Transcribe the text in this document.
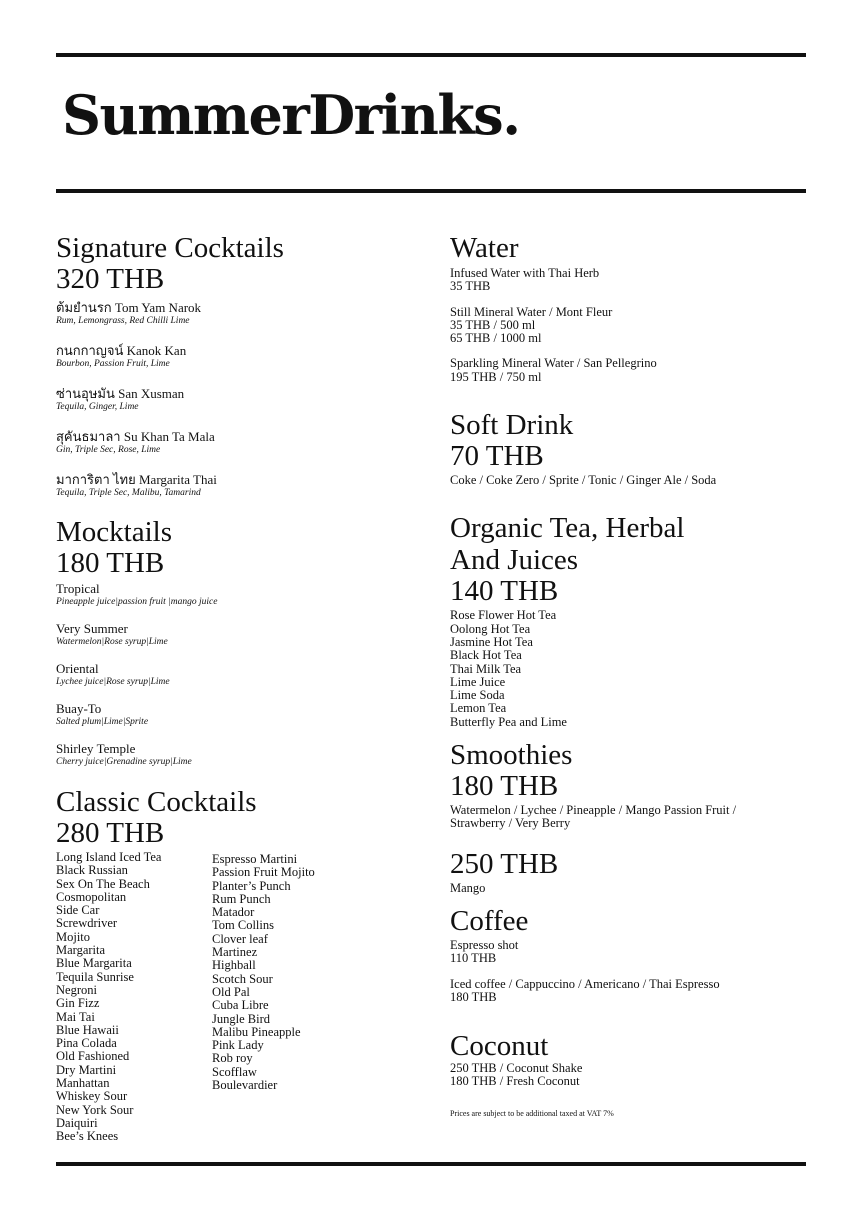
SummerDrinks.
Signature Cocktails
320 THB
ต้มยำนรก Tom Yam Narok
Rum, Lemongrass, Red Chilli Lime
กนกกาญจน์ Kanok Kan
Bourbon, Passion Fruit, Lime
ซ่านอุษมัน San Xusman
Tequila, Ginger, Lime
สุคันธมาลา Su Khan Ta Mala
Gin, Triple Sec, Rose, Lime
มาการิตา ไทย Margarita Thai
Tequila, Triple Sec, Malibu, Tamarind
Mocktails
180 THB
Tropical
Pineapple juice|passion fruit |mango juice
Very Summer
Watermelon|Rose syrup|Lime
Oriental
Lychee juice|Rose syrup|Lime
Buay-To
Salted plum|Lime|Sprite
Shirley Temple
Cherry juice|Grenadine syrup|Lime
Classic Cocktails
280 THB
Long Island Iced Tea
Black Russian
Sex On The Beach
Cosmopolitan
Side Car
Screwdriver
Mojito
Margarita
Blue Margarita
Tequila Sunrise
Negroni
Gin Fizz
Mai Tai
Blue Hawaii
Pina Colada
Old Fashioned
Dry Martini
Manhattan
Whiskey Sour
New York Sour
Daiquiri
Bee’s Knees
Espresso Martini
Passion Fruit Mojito
Planter’s Punch
Rum Punch
Matador
Tom Collins
Clover leaf
Martinez
Highball
Scotch Sour
Old Pal
Cuba Libre
Jungle Bird
Malibu Pineapple
Pink Lady
Rob roy
Scofflaw
Boulevardier
Water
Infused Water with Thai Herb
35 THB
Still Mineral Water / Mont Fleur
35 THB / 500 ml
65 THB / 1000 ml
Sparkling Mineral Water / San Pellegrino
195 THB / 750 ml
Soft Drink
70 THB
Coke / Coke Zero / Sprite / Tonic / Ginger Ale / Soda
Organic Tea, Herbal
And Juices
140 THB
Rose Flower Hot Tea
Oolong Hot Tea
Jasmine Hot Tea
Black Hot Tea
Thai Milk Tea
Lime Juice
Lime Soda
Lemon Tea
Butterfly Pea and Lime
Smoothies
180 THB
Watermelon / Lychee / Pineapple / Mango Passion Fruit /
Strawberry / Very Berry
250 THB
Mango
Coffee
Espresso shot
110 THB
Iced coffee / Cappuccino / Americano / Thai Espresso
180 THB
Coconut
250 THB / Coconut Shake
180 THB / Fresh Coconut
Prices are subject to be additional taxed at VAT 7%
